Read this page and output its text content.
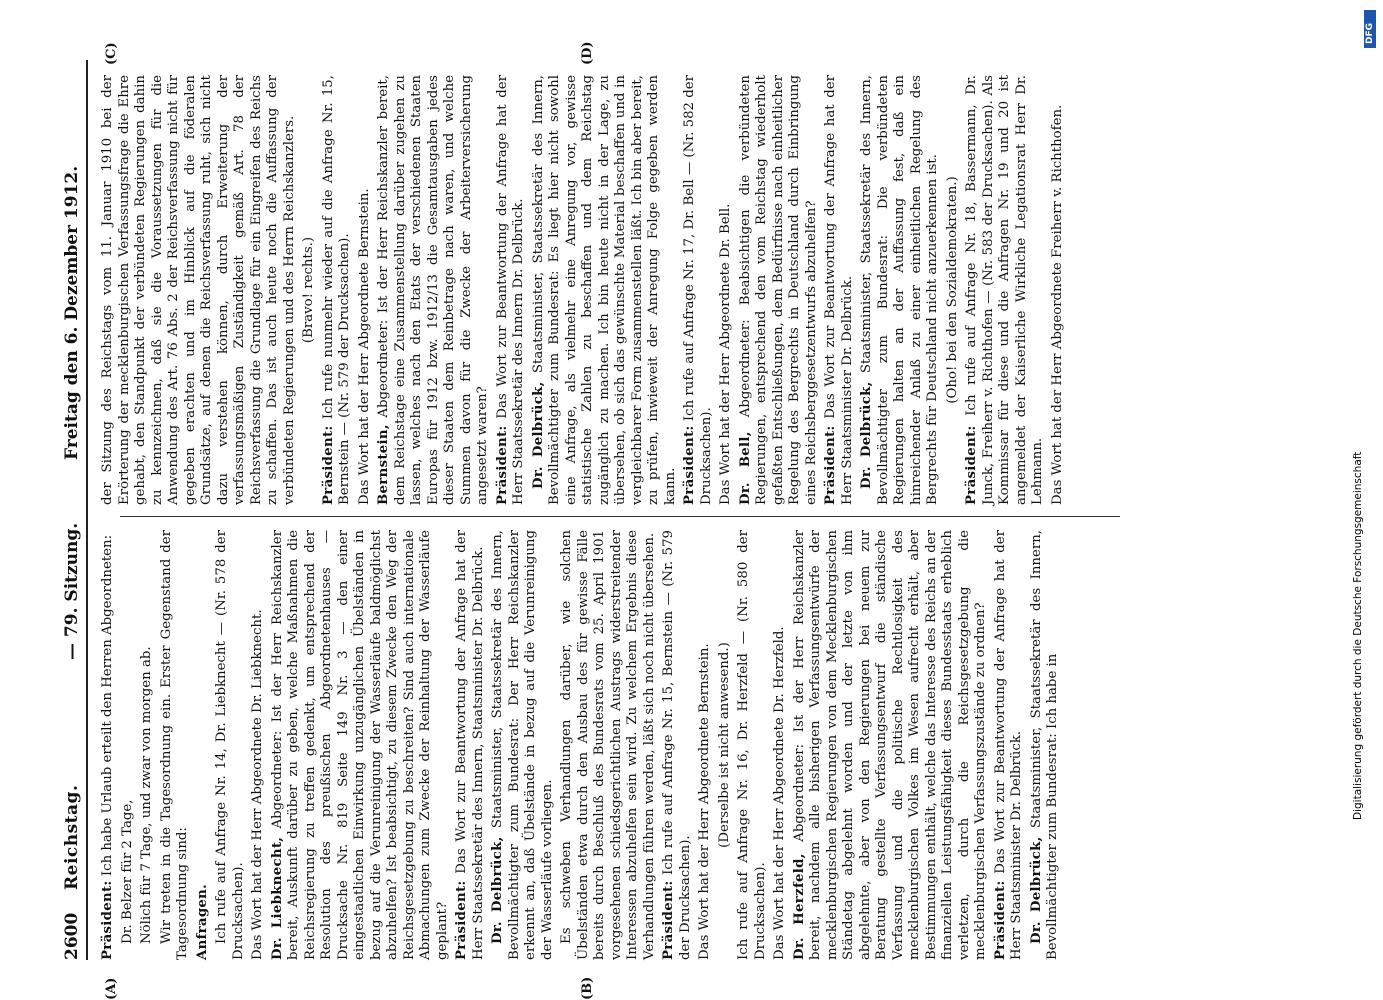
2600
Reichstag.
— 79. Sitzung.
Freitag den 6. Dezember 1912.
(A)	(B)
(C)	(D)

Präsident: Ich habe Urlaub erteilt den Herren Abgeordneten: Dr. Belzer für 2 Tage, Nölich für 7 Tage, und zwar von morgen ab. Wir treten in die Tagesordnung ein. Erster Gegenstand der Tagesordnung sind: Anfragen. Ich rufe auf Anfrage Nr. 14, Dr. Liebknecht — (Nr. 578 der Drucksachen). Das Wort hat der Herr Abgeordnete Dr. Liebknecht. Dr. Liebknecht, Abgeordneter: Ist der Herr Reichskanzler bereit, Auskunft darüber zu geben, welche Maßnahmen die Reichsregierung zu treffen gedenkt, um entsprechend der Resolution des preußischen Abgeordnetenhauses — Drucksache Nr. 819 Seite 149 Nr. 3 — den einer eingestaatlichen Einwirkung unzugänglichen Übelständen in bezug auf die Verunreinigung der Wasserläufe baldmöglichst abzuhelfen? Ist beabsichtigt, zu diesem Zwecke den Weg der Reichsgesetzgebung zu beschreiten? Sind auch internationale Abmachungen zum Zwecke der Reinhaltung der Wasserläufe geplant? Präsident: Das Wort zur Beantwortung der Anfrage hat der Herr Staatssekretär des Innern, Staatsminister Dr. Delbrück. Dr. Delbrück, Staatsminister, Staatssekretär des Innern, Bevollmächtigter zum Bundesrat: Der Herr Reichskanzler erkennt an, daß Übelstände in bezug auf die Verunreinigung der Wasserläufe vorliegen. Es schweben Verhandlungen darüber, wie solchen Übelständen etwa durch den Ausbau des für gewisse Fälle bereits durch Beschluß des Bundesrats vom 25. April 1901 vorgesehenen schiedsgerichtlichen Austrags widerstreitender Interessen abzuhelfen sein wird. Zu welchem Ergebnis diese Verhandlungen führen werden, läßt sich noch nicht übersehen. Präsident: Ich rufe auf Anfrage Nr. 15, Bernstein — (Nr. 579 der Drucksachen). Das Wort hat der Herr Abgeordnete Bernstein. (Derselbe ist nicht anwesend.) Ich rufe auf Anfrage Nr. 16, Dr. Herzfeld — (Nr. 580 der Drucksachen). Das Wort hat der Herr Abgeordnete Dr. Herzfeld. Dr. Herzfeld, Abgeordneter: Ist der Herr Reichskanzler bereit, nachdem alle bisherigen Verfassungsentwürfe der mecklenburgischen Regierungen von dem Mecklenburgischen Ständetag abgelehnt worden und der letzte von ihm abgelehnte, aber von den Regierungen bei neuem zur Beratung gestellte Verfassungsentwurf die ständische Verfassung und die politische Rechtlosigkeit des mecklenburgischen Volkes im Wesen aufrecht erhält, aber Bestimmungen enthält, welche das Interesse des Reichs an der finanziellen Leistungsfähigkeit dieses Bundesstaats erheblich verletzen, durch die Reichsgesetzgebung die mecklenburgischen Verfassungszustände zu ordnen? Präsident: Das Wort zur Beantwortung der Anfrage hat der Herr Staatsminister Dr. Delbrück. Dr. Delbrück, Staatsminister, Staatssekretär des Innern, Bevollmächtigter zum Bundesrat: Ich habe in

der Sitzung des Reichstags vom 11. Januar 1910 bei der Erörterung der mecklenburgischen Verfassungsfrage die Ehre gehabt, den Standpunkt der verbündeten Regierungen dahin zu kennzeichnen, daß sie die Voraussetzungen für die Anwendung des Art. 76 Abs. 2 der Reichsverfassung nicht für gegeben erachten und im Hinblick auf die föderalen Grundsätze, auf denen die Reichsverfassung ruht, sich nicht dazu verstehen können, durch Erweiterung der verfassungsmäßigen Zuständigkeit gemäß Art. 78 der Reichsverfassung die Grundlage für ein Eingreifen des Reichs zu schaffen. Das ist auch heute noch die Auffassung der verbündeten Regierungen und des Herrn Reichskanzlers. (Bravo! rechts.)

Präsident: Ich rufe nunmehr wieder auf die Anfrage Nr. 15, Bernstein — (Nr. 579 der Drucksachen). Das Wort hat der Herr Abgeordnete Bernstein. Bernstein, Abgeordneter: Ist der Herr Reichskanzler bereit, dem Reichstage eine Zusammenstellung darüber zugehen zu lassen, welches nach den Etats der verschiedenen Staaten Europas für 1912 bzw. 1912/13 die Gesamtausgaben jedes dieser Staaten dem Reinbetrage nach waren, und welche Summen davon für die Zwecke der Arbeiterversicherung angesetzt waren? Präsident: Das Wort zur Beantwortung der Anfrage hat der Herr Staatssekretär des Innern Dr. Delbrück. Dr. Delbrück, Staatsminister, Staatssekretär des Innern, Bevollmächtigter zum Bundesrat: Es liegt hier nicht sowohl eine Anfrage, als vielmehr eine Anregung vor, gewisse statistische Zahlen zu beschaffen und dem Reichstag zugänglich zu machen. Ich bin heute nicht in der Lage, zu übersehen, ob sich das gewünschte Material beschaffen und in vergleichbarer Form zusammenstellen läßt. Ich bin aber bereit, zu prüfen, inwieweit der Anregung Folge gegeben werden kann. Präsident: Ich rufe auf Anfrage Nr. 17, Dr. Bell — (Nr. 582 der Drucksachen). Das Wort hat der Herr Abgeordnete Dr. Bell. Dr. Bell, Abgeordneter: Beabsichtigen die verbündeten Regierungen, entsprechend den vom Reichstag wiederholt gefaßten Entschließungen, dem Bedürfnisse nach einheitlicher Regelung des Bergrechts in Deutschland durch Einbringung eines Reichsberggesetzentwurfs abzuhelfen? Präsident: Das Wort zur Beantwortung der Anfrage hat der Herr Staatsminister Dr. Delbrück. Dr. Delbrück, Staatsminister, Staatssekretär des Innern, Bevollmächtigter zum Bundesrat: Die verbündeten Regierungen halten an der Auffassung fest, daß ein hinreichender Anlaß zu einer einheitlichen Regelung des Bergrechts für Deutschland nicht anzuerkennen ist. (Oho! bei den Sozialdemokraten.)

Präsident: Ich rufe auf Anfrage Nr. 18, Bassermann, Dr. Junck, Freiherr v. Richthofen — (Nr. 583 der Drucksachen). Als Kommissar für diese und die Anfragen Nr. 19 und 20 ist angemeldet der Kaiserliche Wirkliche Legationsrat Herr Dr. Lehmann. Das Wort hat der Herr Abgeordnete Freiherr v. Richthofen.

Digitalisierung gefördert durch die Deutsche Forschungsgemeinschaft
DFG
